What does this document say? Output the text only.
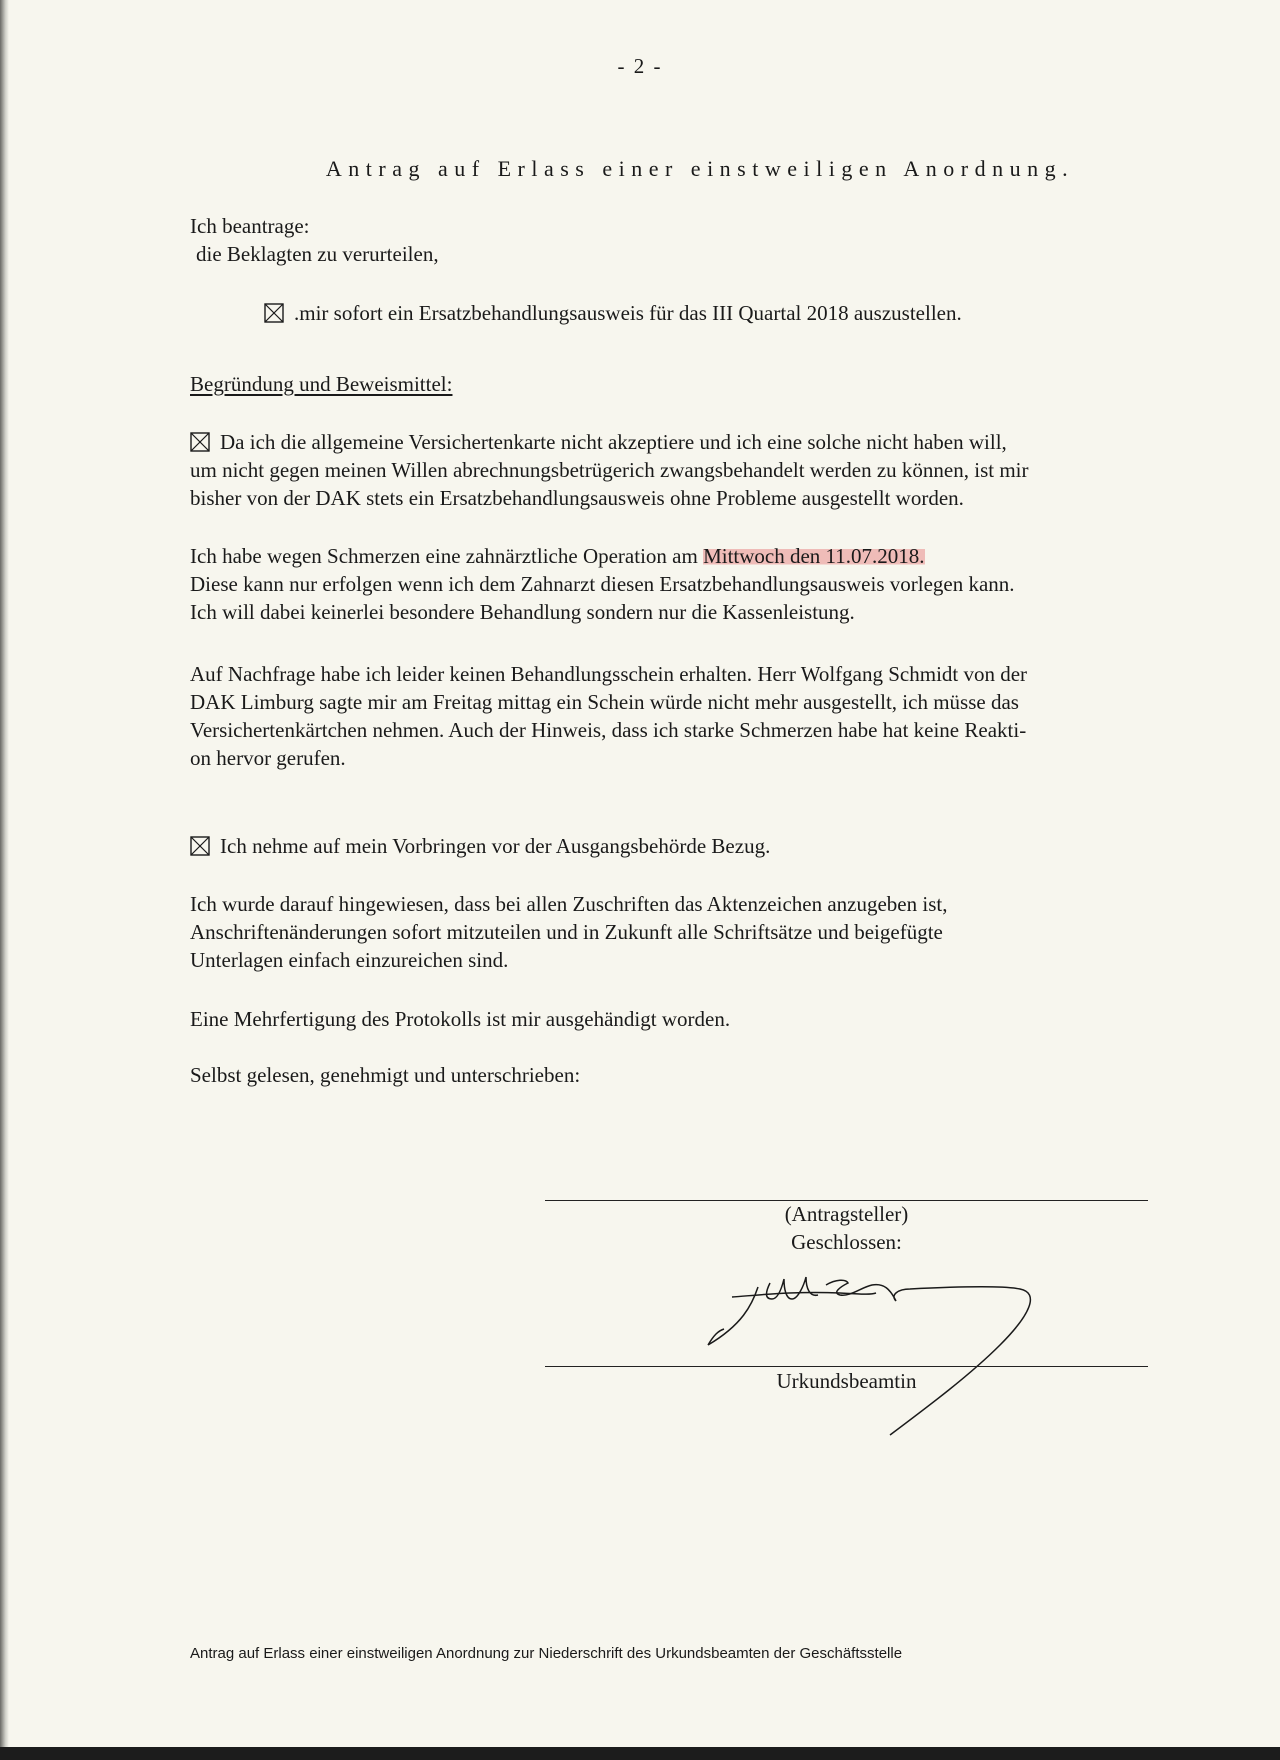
- 2 -
Antrag auf Erlass einer einstweiligen Anordnung.
Ich beantrage:
die Beklagten zu verurteilen,
.mir sofort ein Ersatzbehandlungsausweis für das III Quartal 2018 auszustellen.
Begründung und Beweismittel:

Da ich die allgemeine Versichertenkarte nicht akzeptiere und ich eine solche nicht haben will,

um nicht gegen meinen Willen abrechnungsbetrügerich zwangsbehandelt werden zu können, ist mir

bisher von der DAK stets ein Ersatzbehandlungsausweis ohne Probleme ausgestellt worden.

Ich habe wegen Schmerzen eine zahnärztliche Operation am Mittwoch den 11.07.2018.

Diese kann nur erfolgen wenn ich dem Zahnarzt diesen Ersatzbehandlungsausweis vorlegen kann.

Ich will dabei keinerlei besondere Behandlung sondern nur die Kassenleistung.

Auf Nachfrage habe ich leider keinen Behandlungsschein erhalten. Herr Wolfgang Schmidt von der

DAK Limburg sagte mir am Freitag mittag ein Schein würde nicht mehr ausgestellt, ich müsse das

Versichertenkärtchen nehmen. Auch der Hinweis, dass ich starke Schmerzen habe hat keine Reakti-

on hervor gerufen.

Ich nehme auf mein Vorbringen vor der Ausgangsbehörde Bezug.

Ich wurde darauf hingewiesen, dass bei allen Zuschriften das Aktenzeichen anzugeben ist,

Anschriftenänderungen sofort mitzuteilen und in Zukunft alle Schriftsätze und beigefügte

Unterlagen einfach einzureichen sind.

Eine Mehrfertigung des Protokolls ist mir ausgehändigt worden.
Selbst gelesen, genehmigt und unterschrieben:
(Antragsteller)
Geschlossen:
Urkundsbeamtin
Antrag auf Erlass einer einstweiligen Anordnung zur Niederschrift des Urkundsbeamten der Geschäftsstelle
